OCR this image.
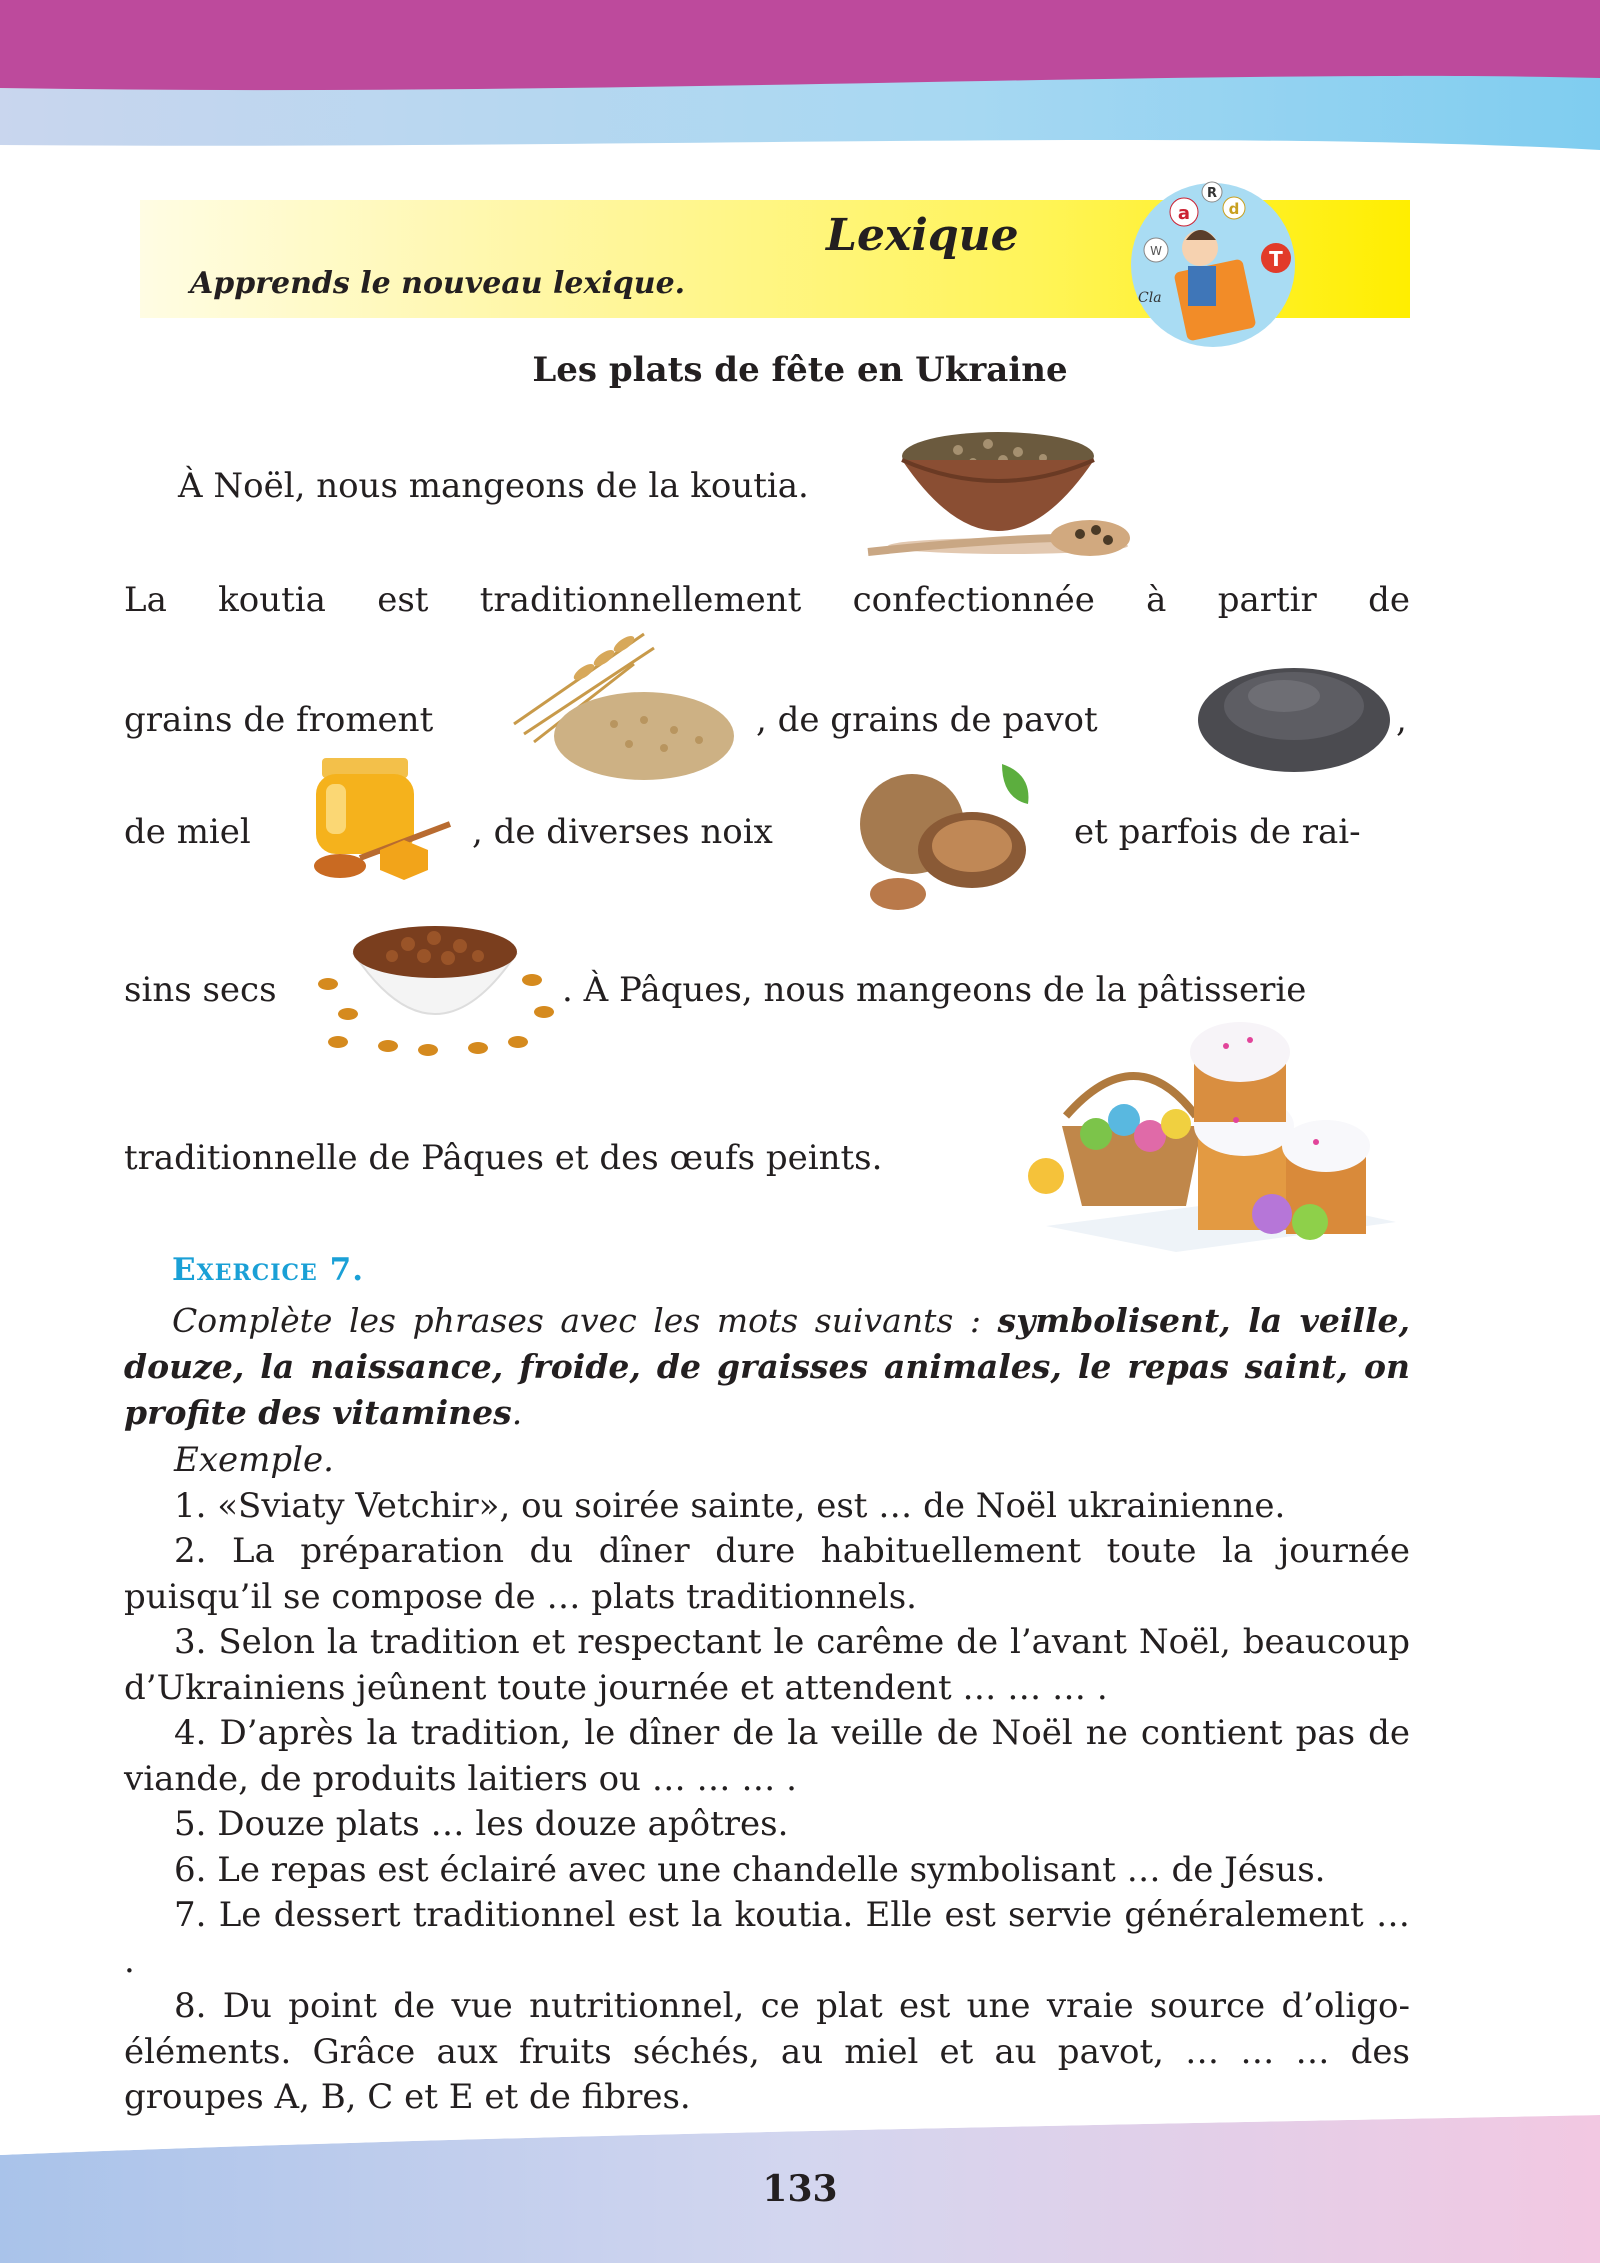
Lexique
Apprends le nouveau lexique.
R
a	d
W	T
Cla
Les plats de fête en Ukraine
À Noël, nous mangeons de la koutia.
La koutia est traditionnellement confectionnée à partir de
grains de froment	, de grains de pavot	,
de miel	, de diverses noix	et parfois de rai-
sins secs	. À Pâques, nous mangeons de la pâtisserie
traditionnelle de Pâques et des œufs peints.
Exercice 7.
Complète les phrases avec les mots suivants : symbolisent, la veille, douze, la naissance, froide, de graisses animales, le repas saint, on profite des vitamines.

Exemple.

1. «Sviaty Vetchir», ou soirée sainte, est … de Noël ukrainienne.

2. La préparation du dîner dure habituellement toute la journée puisqu’il se compose de … plats traditionnels.

3. Selon la tradition et respectant le carême de l’avant Noël, beaucoup d’Ukrainiens jeûnent toute journée et attendent … … … .

4. D’après la tradition, le dîner de la veille de Noël ne contient pas de viande, de produits laitiers ou … … … .

5. Douze plats … les douze apôtres.

6. Le repas est éclairé avec une chandelle symbolisant … de Jésus.

7. Le dessert traditionnel est la koutia. Elle est servie généralement … .

8. Du point de vue nutritionnel, ce plat est une vraie source d’oligo-éléments. Grâce aux fruits séchés, au miel et au pavot, … … … des groupes A, B, C et E et de fibres.

133
